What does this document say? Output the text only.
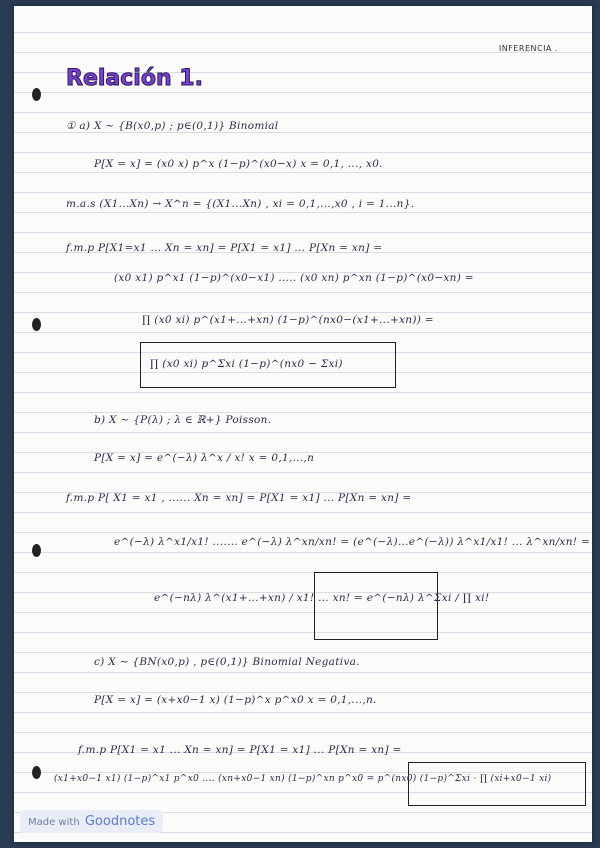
INFERENCIA .
Relación 1.
① a) X ~ {B(x0,p) ; p∈(0,1)} Binomial
P[X = x] = (x0 x) p^x (1−p)^(x0−x) x = 0,1, ..., x0.
m.a.s (X1...Xn) → X^n = {(X1...Xn) , xi = 0,1,...,x0 , i = 1...n}.
f.m.p P[X1=x1 ... Xn = xn] = P[X1 = x1] ... P[Xn = xn] =
(x0 x1) p^x1 (1−p)^(x0−x1) ..... (x0 xn) p^xn (1−p)^(x0−xn) =
∏ (x0 xi) p^(x1+...+xn) (1−p)^(nx0−(x1+...+xn)) =
∏ (x0 xi) p^Σxi (1−p)^(nx0 − Σxi)
b) X ~ {P(λ) ; λ ∈ ℝ+} Poisson.
P[X = x] = e^(−λ) λ^x / x! x = 0,1,...,n
f.m.p P[ X1 = x1 , ...... Xn = xn] = P[X1 = x1] ... P[Xn = xn] =
e^(−λ) λ^x1/x1! ....... e^(−λ) λ^xn/xn! = (e^(−λ)...e^(−λ)) λ^x1/x1! ... λ^xn/xn! =
e^(−nλ) λ^(x1+...+xn) / x1! ... xn! = e^(−nλ) λ^Σxi / ∏ xi!
c) X ~ {BN(x0,p) , p∈(0,1)} Binomial Negativa.
P[X = x] = (x+x0−1 x) (1−p)^x p^x0 x = 0,1,...,n.
f.m.p P[X1 = x1 ... Xn = xn] = P[X1 = x1] ... P[Xn = xn] =
(x1+x0−1 x1) (1−p)^x1 p^x0 .... (xn+x0−1 xn) (1−p)^xn p^x0 = p^(nx0) (1−p)^Σxi · ∏ (xi+x0−1 xi)
Made with Goodnotes
